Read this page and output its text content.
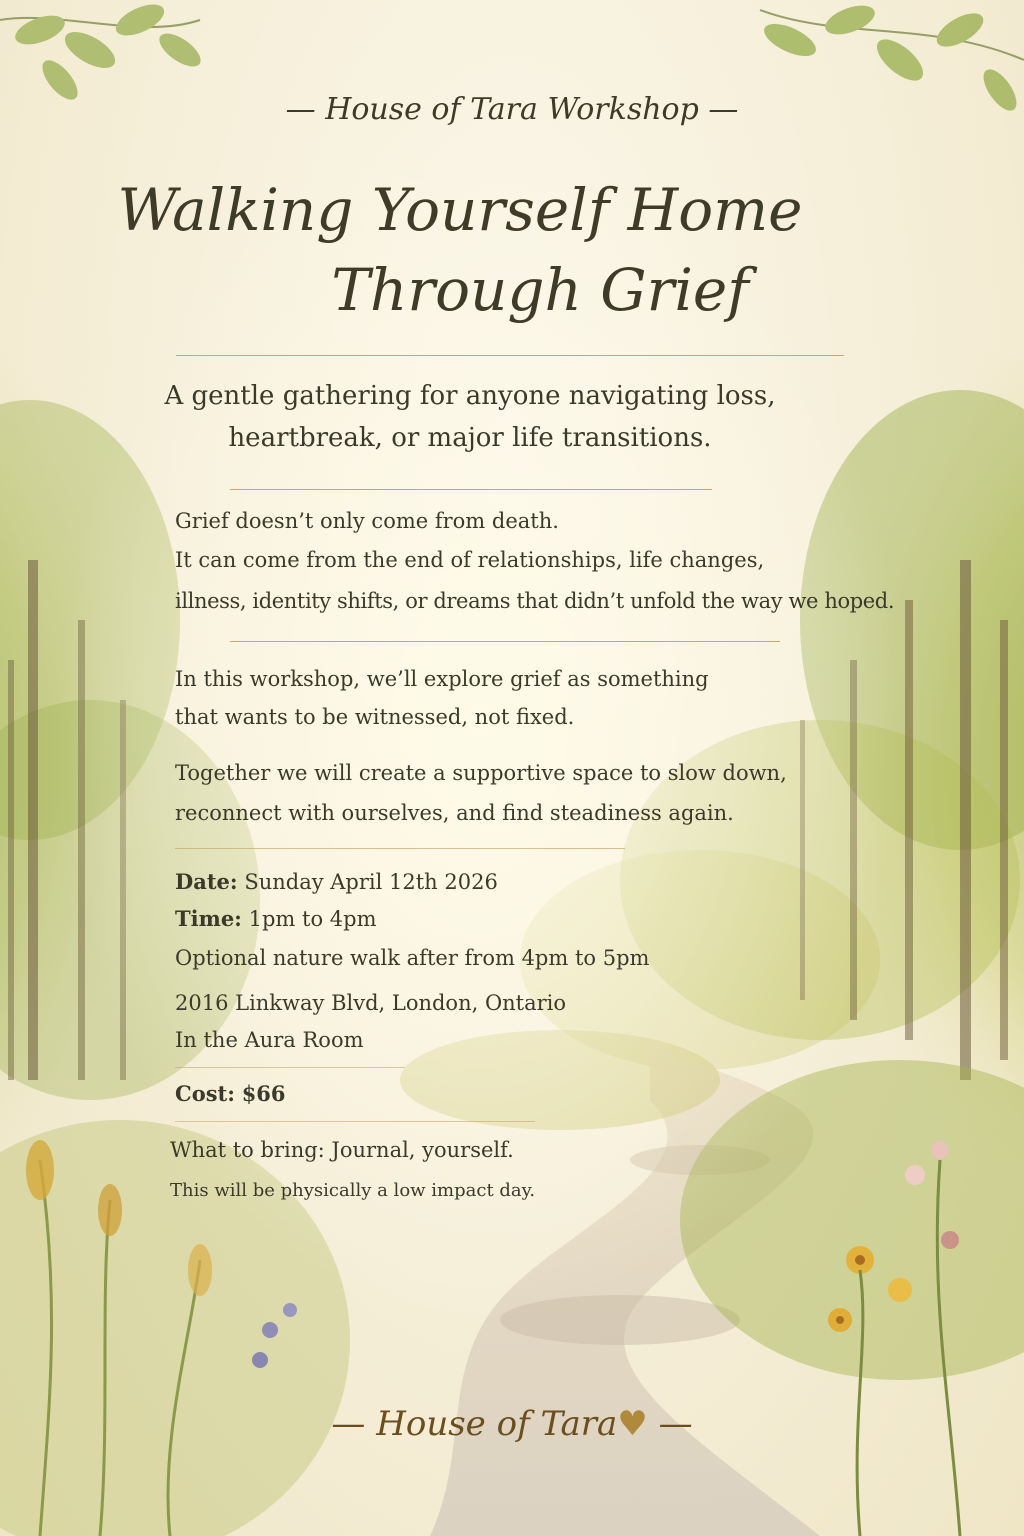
— House of Tara Workshop —
Walking Yourself Home
Through Grief
A gentle gathering for anyone navigating loss,
heartbreak, or major life transitions.
Grief doesn’t only come from death.
It can come from the end of relationships, life changes,
illness, identity shifts, or dreams that didn’t unfold the way we hoped.
In this workshop, we’ll explore grief as something
that wants to be witnessed, not fixed.
Together we will create a supportive space to slow down,
reconnect with ourselves, and find steadiness again.
Date: Sunday April 12th 2026
Time: 1pm to 4pm
Optional nature walk after from 4pm to 5pm
2016 Linkway Blvd, London, Ontario
In the Aura Room
Cost: $66
What to bring: Journal, yourself.
This will be physically a low impact day.
— House of Tara♥ —
